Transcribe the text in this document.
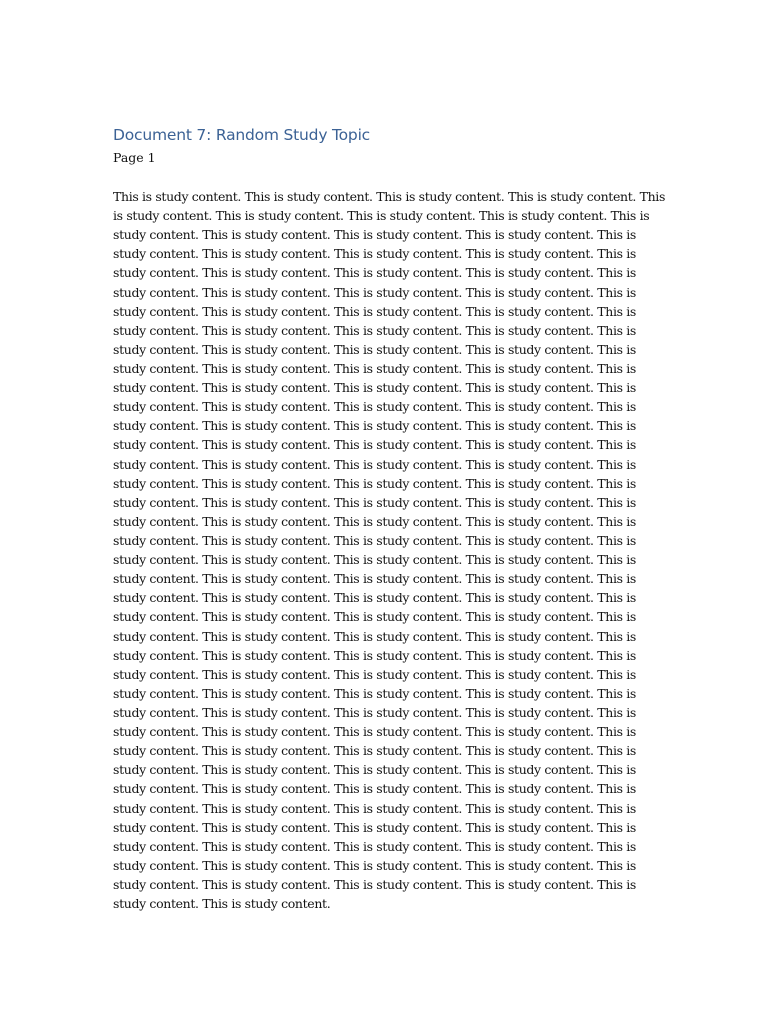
Document 7: Random Study Topic
Page 1
This is study content. This is study content. This is study content. This is study content. This
is study content. This is study content. This is study content. This is study content. This is
study content. This is study content. This is study content. This is study content. This is
study content. This is study content. This is study content. This is study content. This is
study content. This is study content. This is study content. This is study content. This is
study content. This is study content. This is study content. This is study content. This is
study content. This is study content. This is study content. This is study content. This is
study content. This is study content. This is study content. This is study content. This is
study content. This is study content. This is study content. This is study content. This is
study content. This is study content. This is study content. This is study content. This is
study content. This is study content. This is study content. This is study content. This is
study content. This is study content. This is study content. This is study content. This is
study content. This is study content. This is study content. This is study content. This is
study content. This is study content. This is study content. This is study content. This is
study content. This is study content. This is study content. This is study content. This is
study content. This is study content. This is study content. This is study content. This is
study content. This is study content. This is study content. This is study content. This is
study content. This is study content. This is study content. This is study content. This is
study content. This is study content. This is study content. This is study content. This is
study content. This is study content. This is study content. This is study content. This is
study content. This is study content. This is study content. This is study content. This is
study content. This is study content. This is study content. This is study content. This is
study content. This is study content. This is study content. This is study content. This is
study content. This is study content. This is study content. This is study content. This is
study content. This is study content. This is study content. This is study content. This is
study content. This is study content. This is study content. This is study content. This is
study content. This is study content. This is study content. This is study content. This is
study content. This is study content. This is study content. This is study content. This is
study content. This is study content. This is study content. This is study content. This is
study content. This is study content. This is study content. This is study content. This is
study content. This is study content. This is study content. This is study content. This is
study content. This is study content. This is study content. This is study content. This is
study content. This is study content. This is study content. This is study content. This is
study content. This is study content. This is study content. This is study content. This is
study content. This is study content. This is study content. This is study content. This is
study content. This is study content. This is study content. This is study content. This is
study content. This is study content. This is study content. This is study content. This is
study content. This is study content.
